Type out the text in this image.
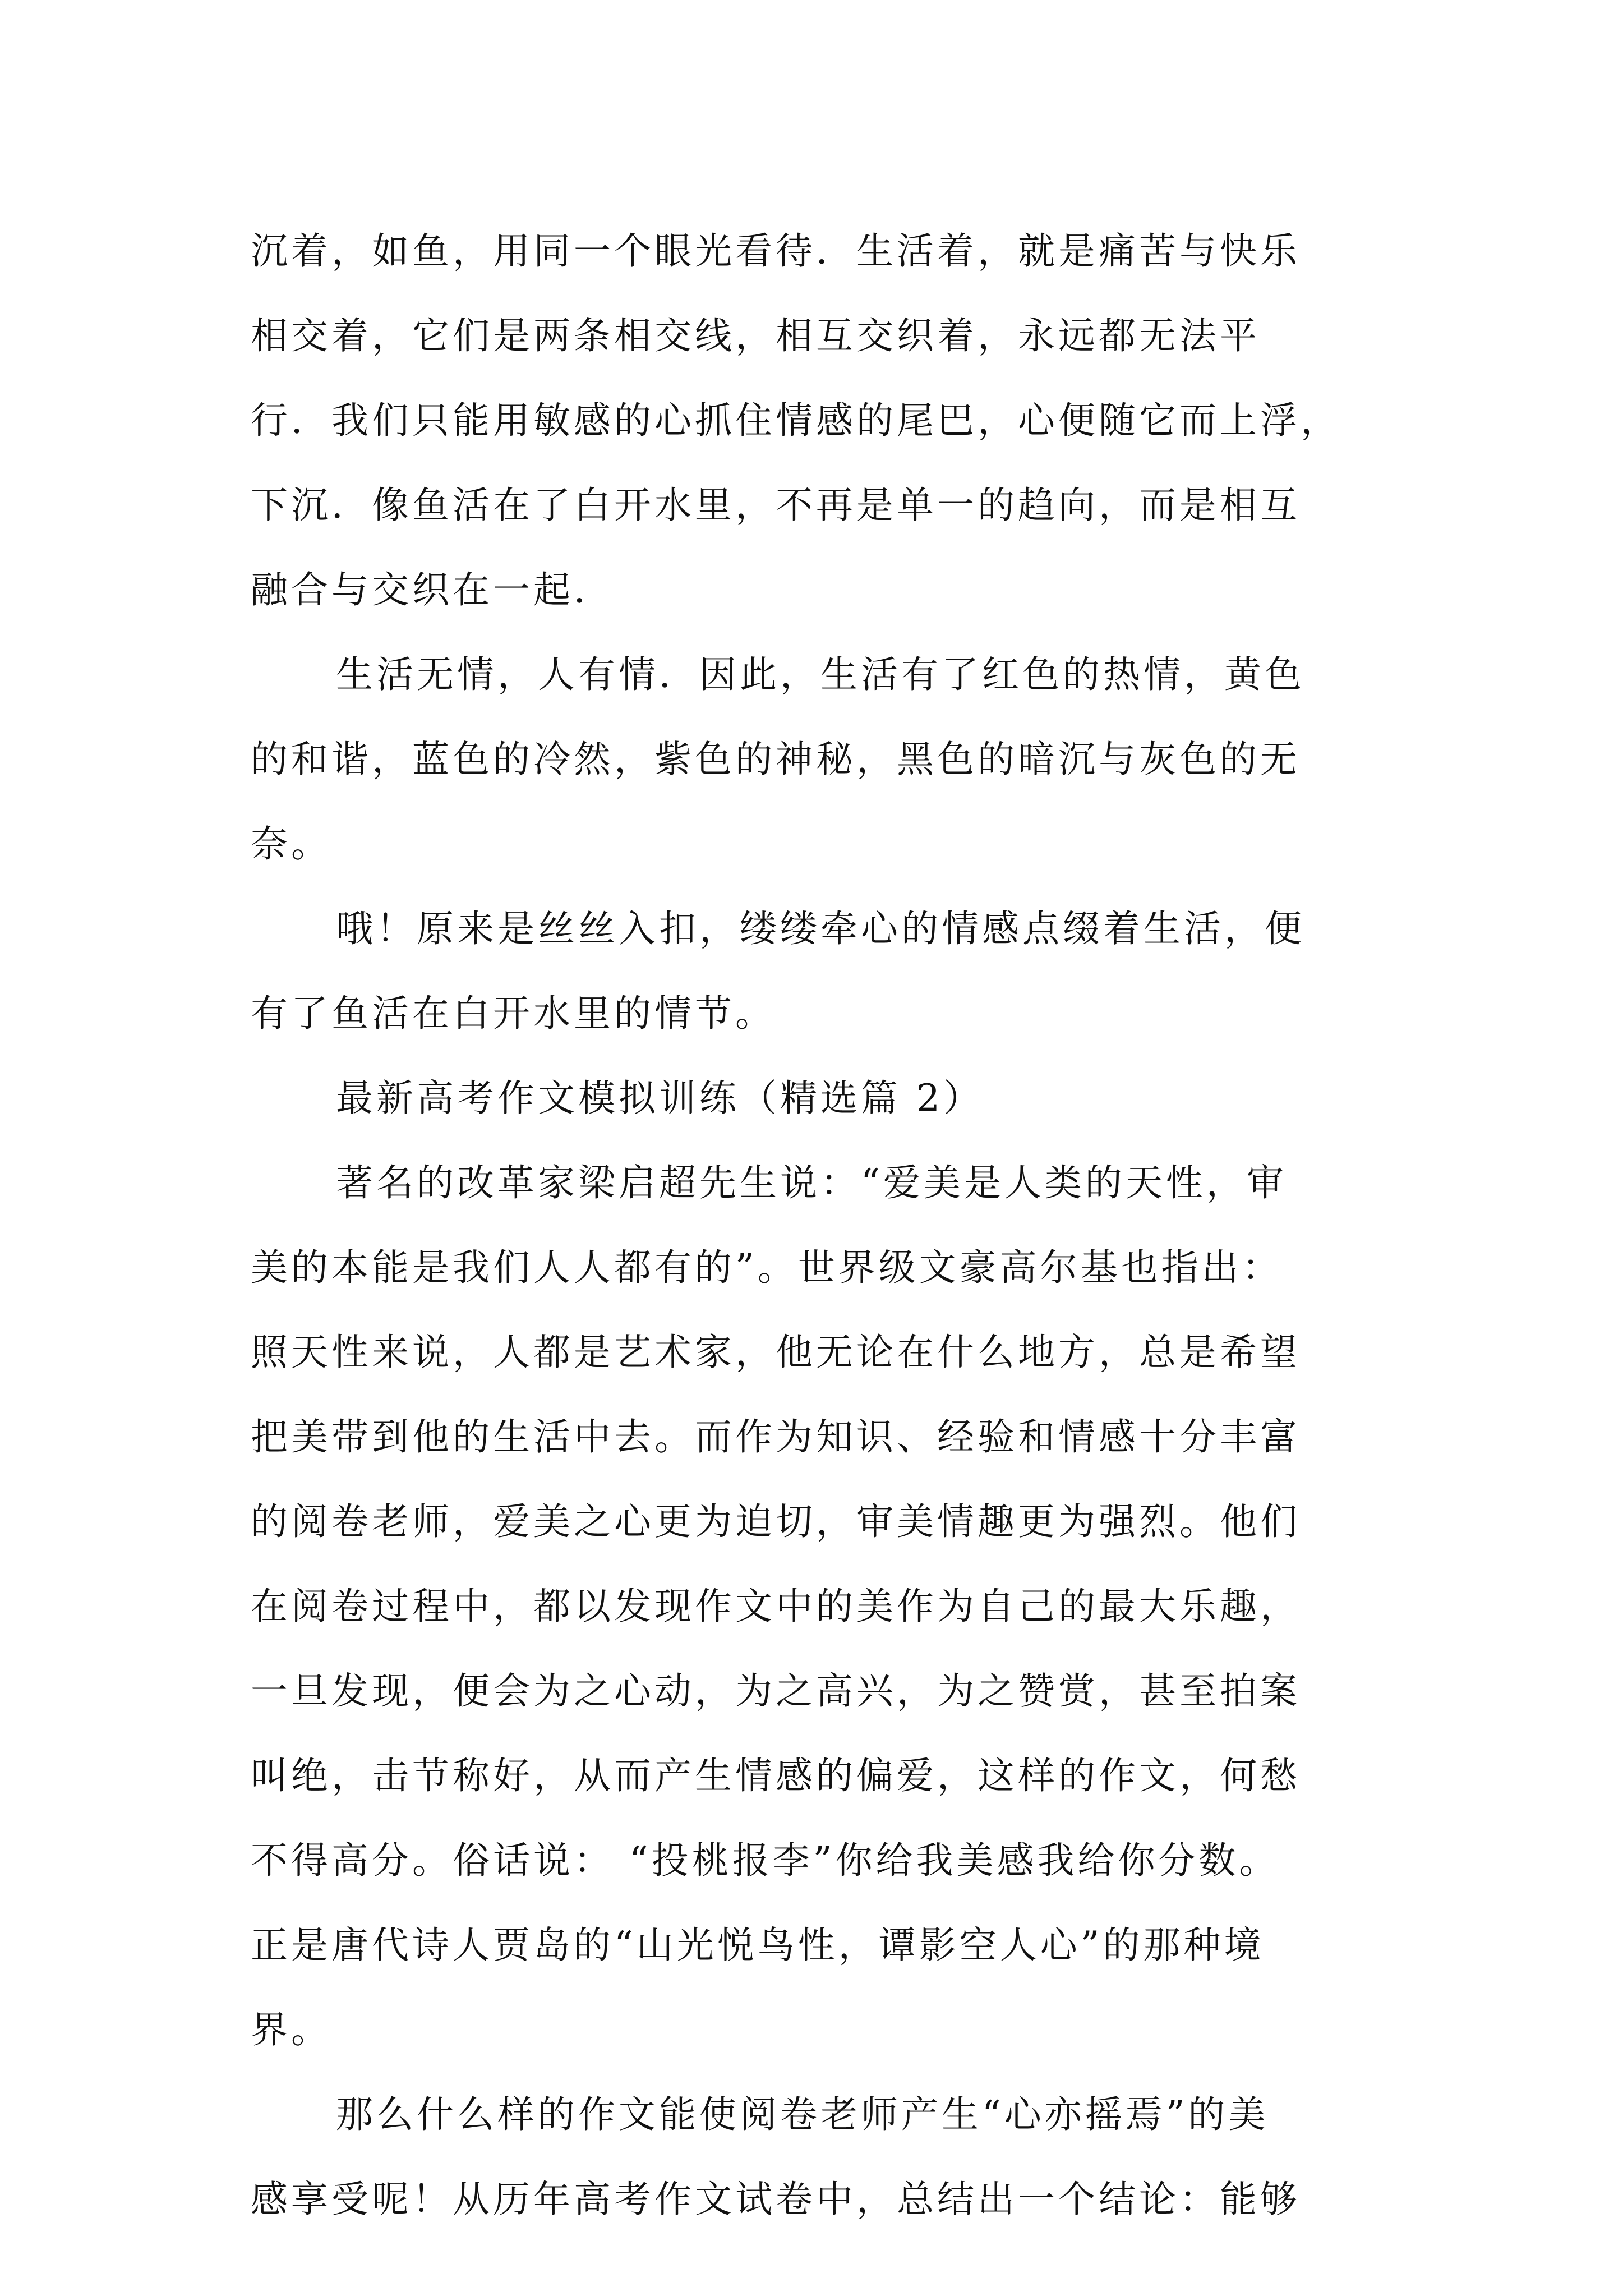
沉着，如鱼，用同一个眼光看待．生活着，就是痛苦与快乐
相交着，它们是两条相交线，相互交织着，永远都无法平
行．我们只能用敏感的心抓住情感的尾巴，心便随它而上浮，
下沉．像鱼活在了白开水里，不再是单一的趋向，而是相互
融合与交织在一起．
生活无情，人有情．因此，生活有了红色的热情，黄色
的和谐，蓝色的冷然，紫色的神秘，黑色的暗沉与灰色的无
奈。
哦！原来是丝丝入扣，缕缕牵心的情感点缀着生活，便
有了鱼活在白开水里的情节。
最新高考作文模拟训练（精选篇 2）
著名的改革家梁启超先生说：“爱美是人类的天性，审
美的本能是我们人人都有的”。世界级文豪高尔基也指出：
照天性来说，人都是艺术家，他无论在什么地方，总是希望
把美带到他的生活中去。而作为知识、经验和情感十分丰富
的阅卷老师，爱美之心更为迫切，审美情趣更为强烈。他们
在阅卷过程中，都以发现作文中的美作为自己的最大乐趣，
一旦发现，便会为之心动，为之高兴，为之赞赏，甚至拍案
叫绝，击节称好，从而产生情感的偏爱，这样的作文，何愁
不得高分。俗话说： “投桃报李”你给我美感我给你分数。
正是唐代诗人贾岛的“山光悦鸟性，谭影空人心”的那种境
界。
那么什么样的作文能使阅卷老师产生“心亦摇焉”的美
感享受呢！从历年高考作文试卷中，总结出一个结论：能够
